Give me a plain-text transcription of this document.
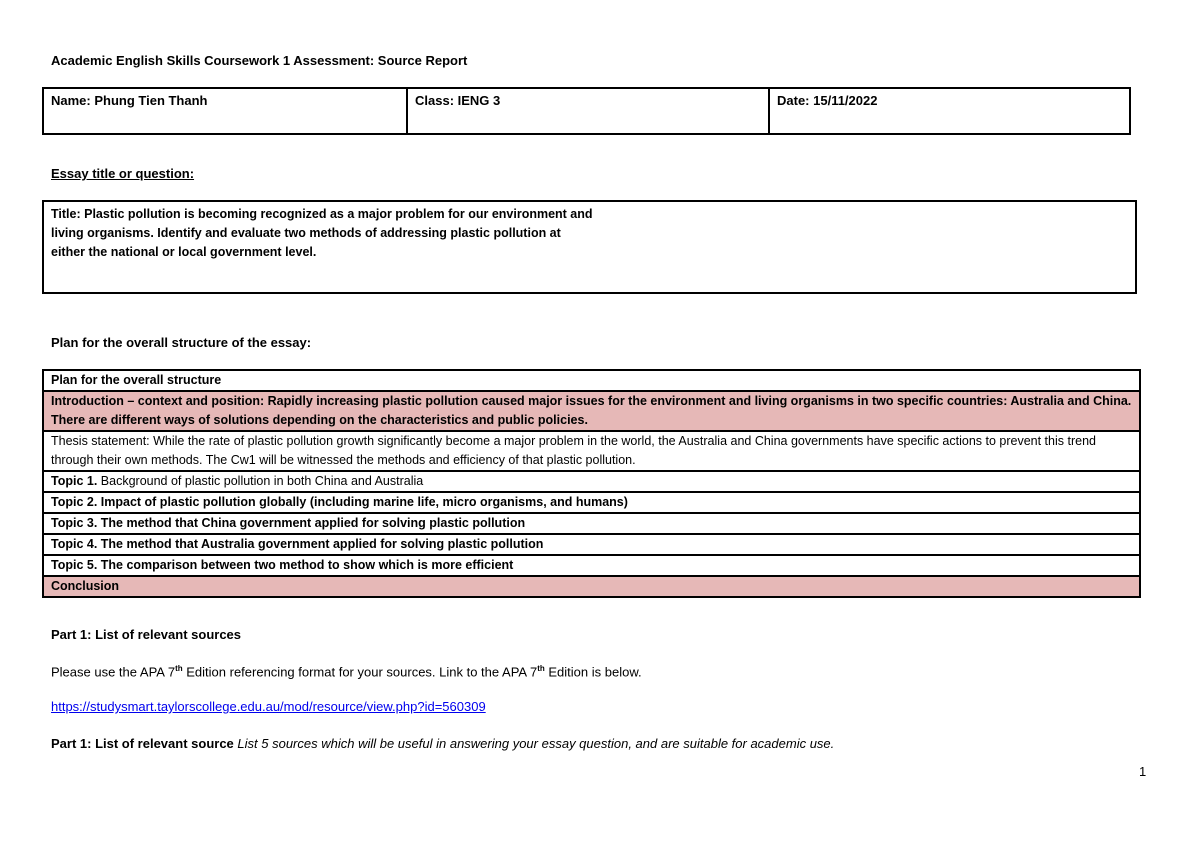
Academic English Skills Coursework 1 Assessment: Source Report
Name: Phung Tien Thanh	Class: IENG 3	Date: 15/11/2022
Essay title or question:
Title: Plastic pollution is becoming recognized as a major problem for our environment and
living organisms. Identify and evaluate two methods of addressing plastic pollution at
either the national or local government level.
Plan for the overall structure of the essay:
Plan for the overall structure
Introduction – context and position: Rapidly increasing plastic pollution caused major issues for the environment and living organisms in two specific countries: Australia and China. There are different ways of solutions depending on the characteristics and public policies.
Thesis statement: While the rate of plastic pollution growth significantly become a major problem in the world, the Australia and China governments have specific actions to prevent this trend through their own methods. The Cw1 will be witnessed the methods and efficiency of that plastic pollution.
Topic 1. Background of plastic pollution in both China and Australia
Topic 2. Impact of plastic pollution globally (including marine life, micro organisms, and humans)
Topic 3. The method that China government applied for solving plastic pollution
Topic 4. The method that Australia government applied for solving plastic pollution
Topic 5. The comparison between two method to show which is more efficient
Conclusion
Part 1: List of relevant sources
Please use the APA 7th Edition referencing format for your sources. Link to the APA 7th Edition is below.
https://studysmart.taylorscollege.edu.au/mod/resource/view.php?id=560309
Part 1: List of relevant source List 5 sources which will be useful in answering your essay question, and are suitable for academic use.
1
